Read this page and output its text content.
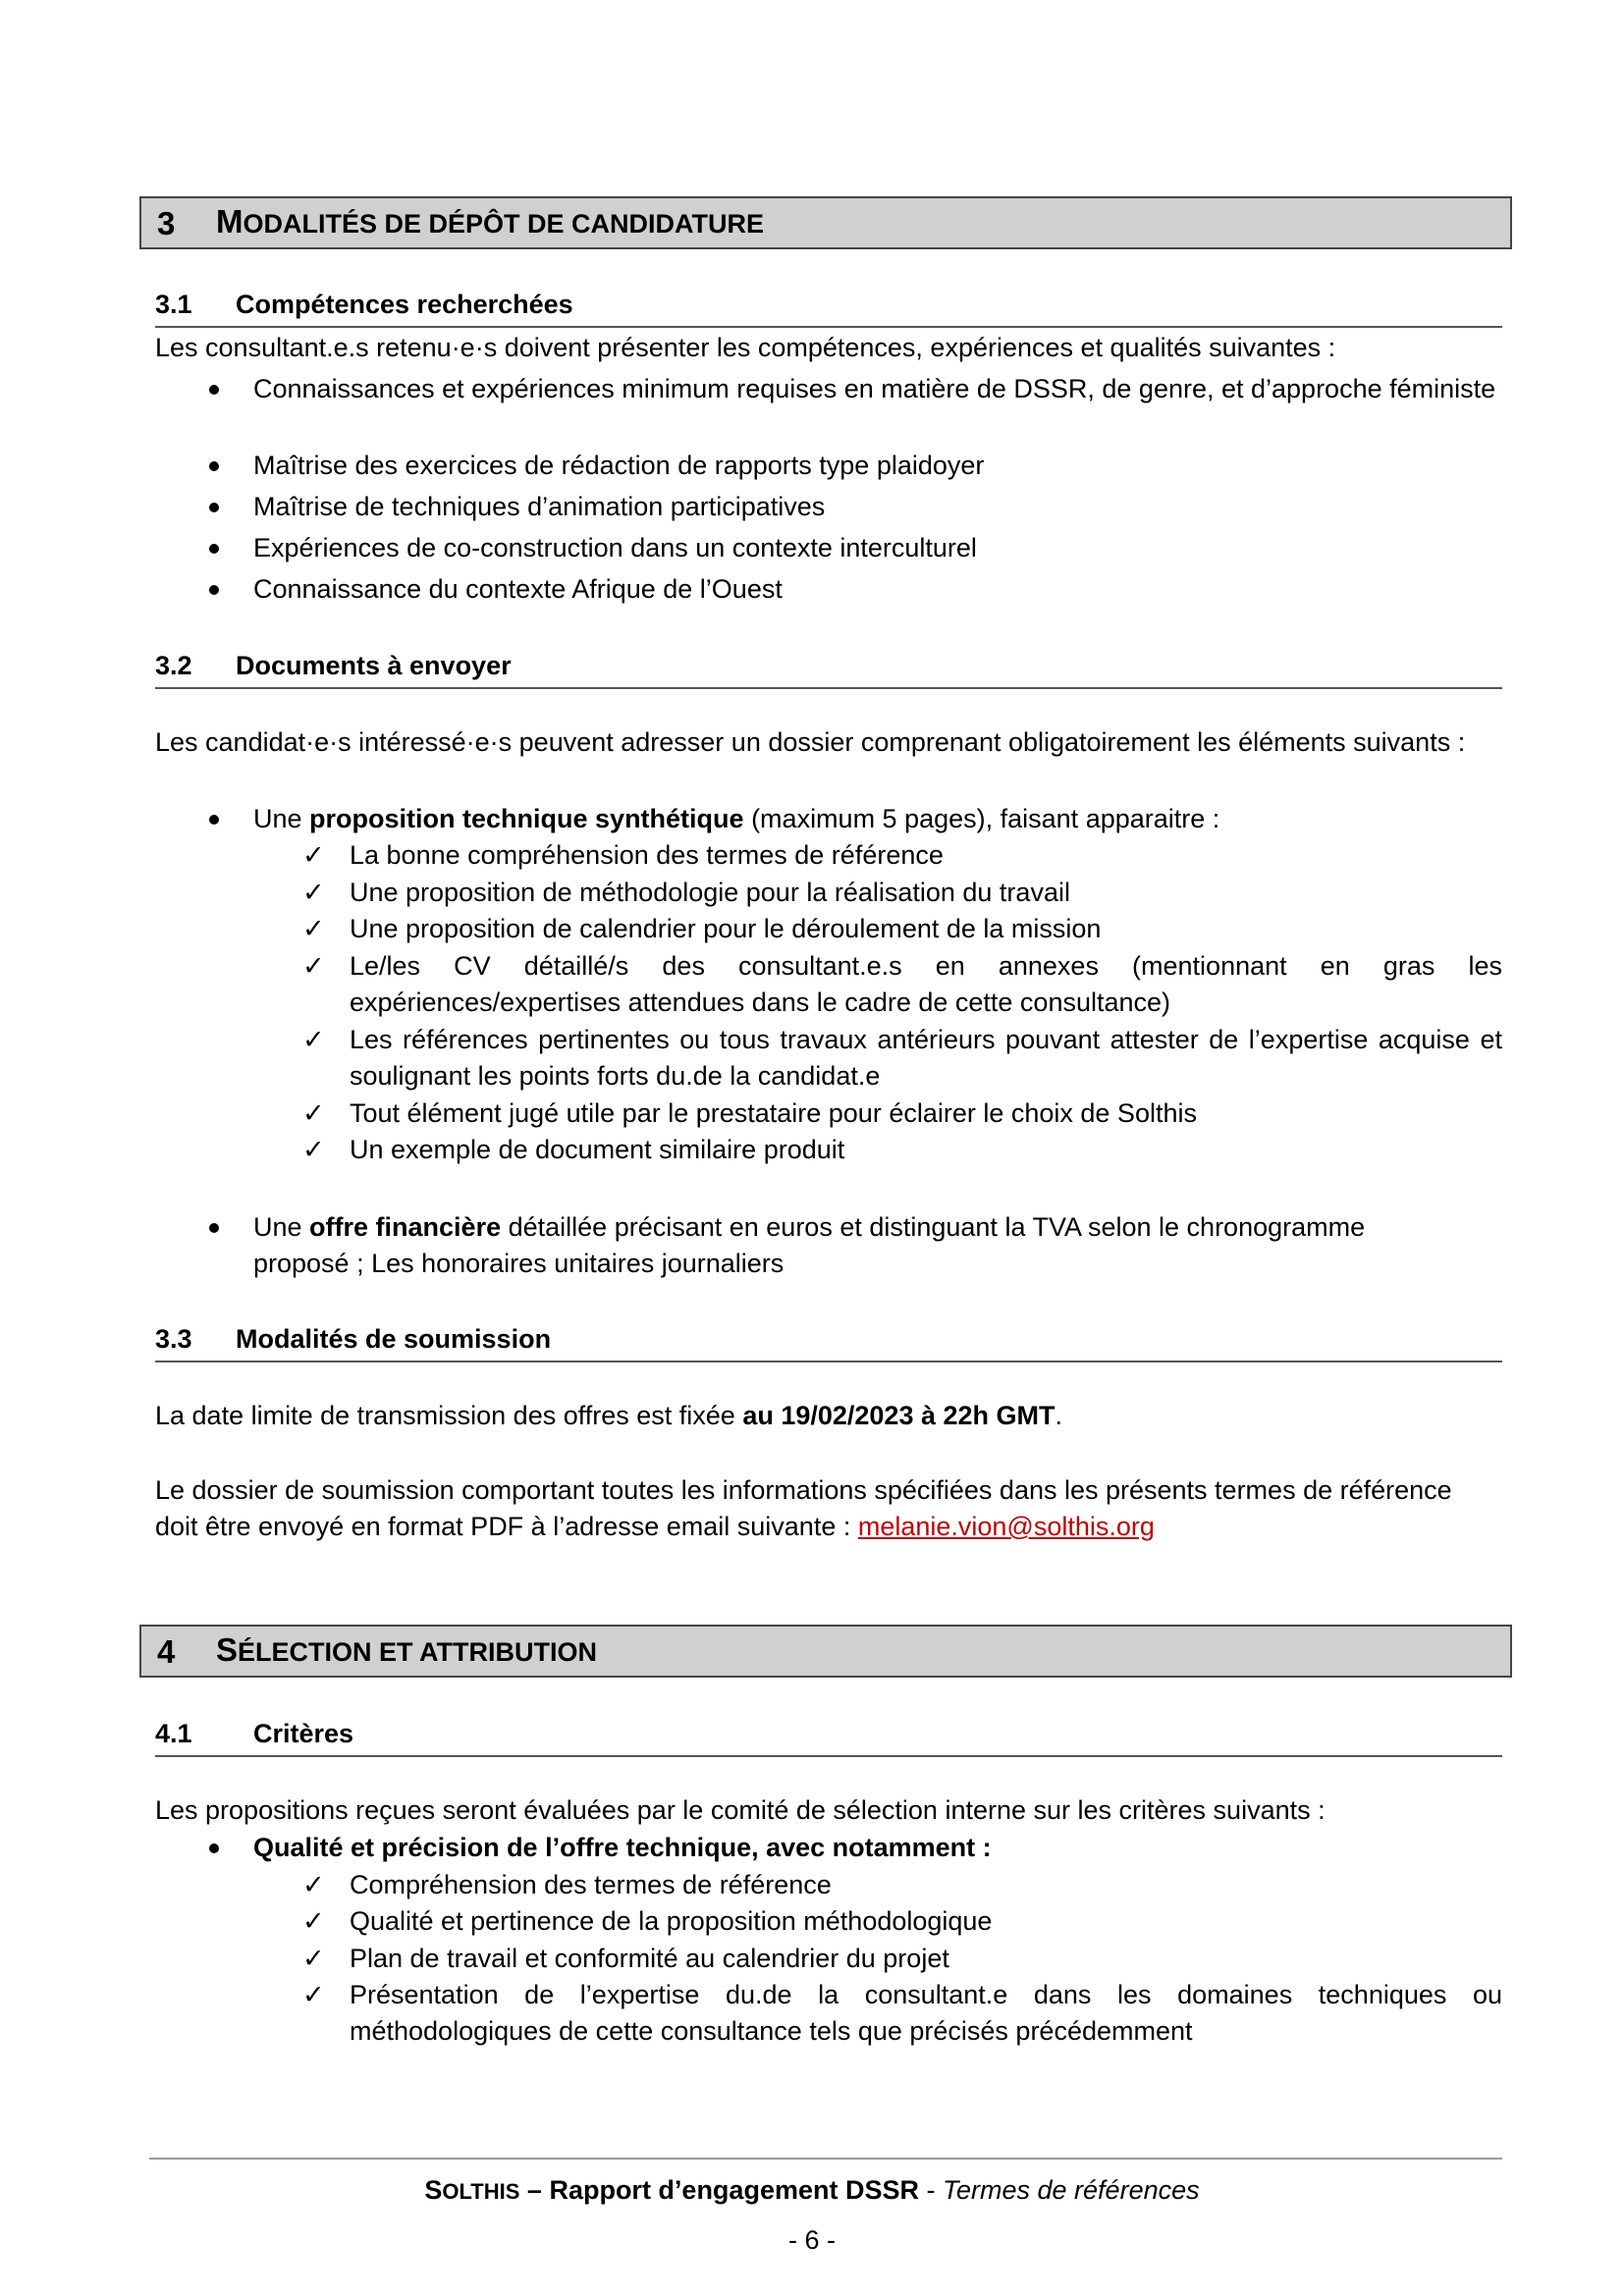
3	MODALITÉS DE DÉPÔT DE CANDIDATURE
3.1	Compétences recherchées
Les consultant.e.s retenu·e·s doivent présenter les compétences, expériences et qualités suivantes :
Connaissances et expériences minimum requises en matière de DSSR, de genre, et d’approche féministe
Maîtrise des exercices de rédaction de rapports type plaidoyer
Maîtrise de techniques d’animation participatives
Expériences de co-construction dans un contexte interculturel
Connaissance du contexte Afrique de l’Ouest
3.2	Documents à envoyer
Les candidat·e·s intéressé·e·s peuvent adresser un dossier comprenant obligatoirement les éléments suivants :
Une proposition technique synthétique (maximum 5 pages), faisant apparaitre :
✓ La bonne compréhension des termes de référence
✓ Une proposition de méthodologie pour la réalisation du travail
✓ Une proposition de calendrier pour le déroulement de la mission
✓ Le/les CV détaillé/s des consultant.e.s en annexes (mentionnant en gras les expériences/expertises attendues dans le cadre de cette consultance)
✓ Les références pertinentes ou tous travaux antérieurs pouvant attester de l’expertise acquise et soulignant les points forts du.de la candidat.e
✓ Tout élément jugé utile par le prestataire pour éclairer le choix de Solthis
✓ Un exemple de document similaire produit
Une offre financière détaillée précisant en euros et distinguant la TVA selon le chronogramme
proposé ; Les honoraires unitaires journaliers
3.3	Modalités de soumission
La date limite de transmission des offres est fixée au 19/02/2023 à 22h GMT.
Le dossier de soumission comportant toutes les informations spécifiées dans les présents termes de référence
doit être envoyé en format PDF à l’adresse email suivante : melanie.vion@solthis.org
4	SÉLECTION ET ATTRIBUTION
4.1	Critères
Les propositions reçues seront évaluées par le comité de sélection interne sur les critères suivants :
Qualité et précision de l’offre technique, avec notamment :
✓ Compréhension des termes de référence
✓ Qualité et pertinence de la proposition méthodologique
✓ Plan de travail et conformité au calendrier du projet
✓ Présentation de l’expertise du.de la consultant.e dans les domaines techniques ou méthodologiques de cette consultance tels que précisés précédemment
SOLTHIS – Rapport d’engagement DSSR - Termes de références
- 6 -
